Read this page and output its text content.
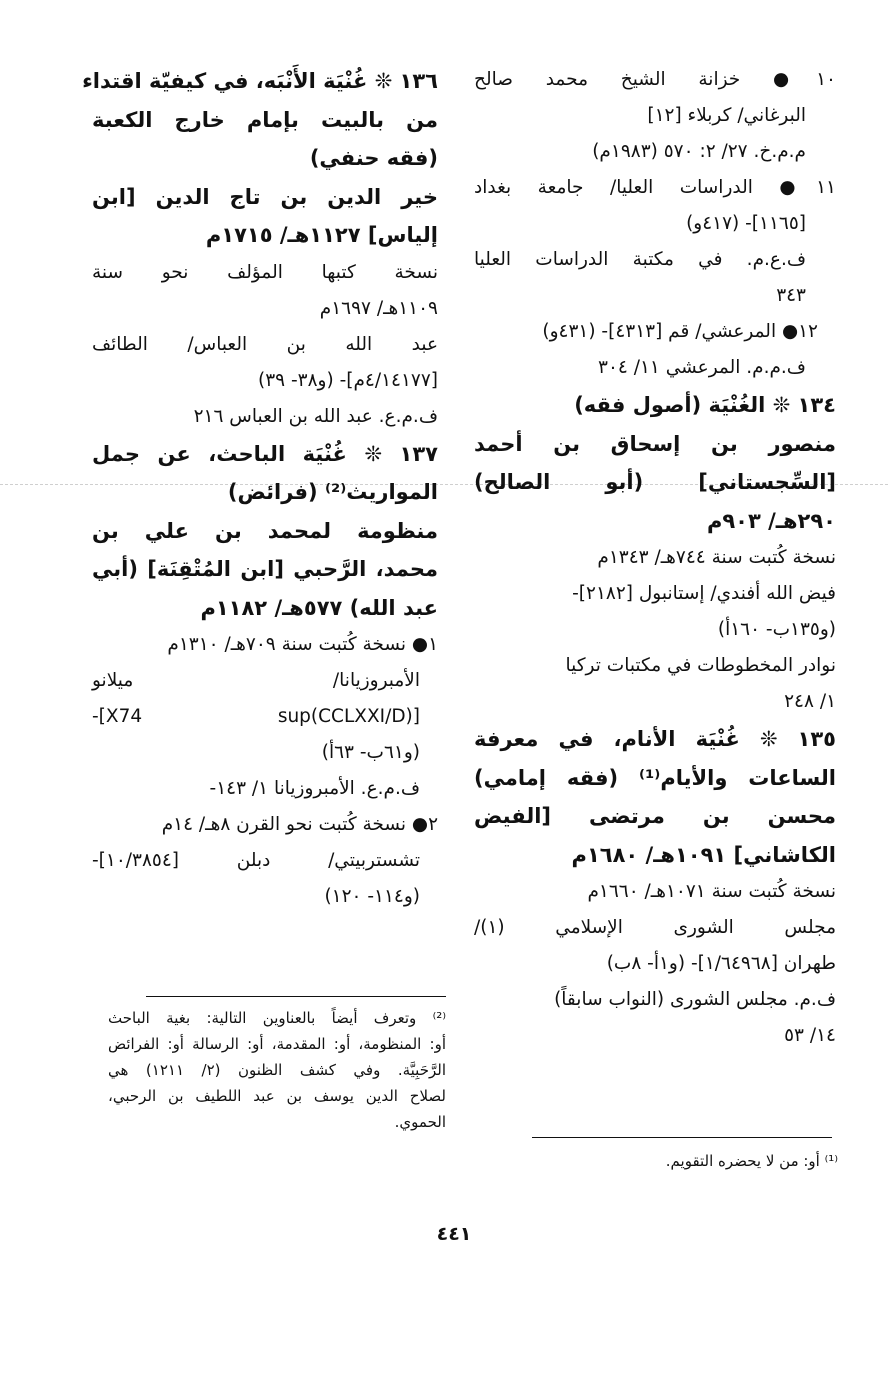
١٠● خزانة الشيخ محمد صالح
البرغاني/ كربلاء [١٢]
م.م.خ. ٢٧/ ٢: ٥٧٠ (١٩٨٣م)
١١● الدراسات العليا/ جامعة بغداد
[١١٦٥]- (٤١٧و)
ف.ع.م. في مكتبة الدراسات العليا
٣٤٣
١٢● المرعشي/ قم [٤٣١٣]- (٤٣١و)
ف.م.م. المرعشي ١١/ ٣٠٤
١٣٤ ❊ الغُنْيَة (أصول فقه)
منصور بن إسحاق بن أحمد
[السِّجستاني] (أبو الصالح)
٢٩٠هـ/ ٩٠٣م
نسخة كُتبت سنة ٧٤٤هـ/ ١٣٤٣م
فيض الله أفندي/ إستانبول [٢١٨٢]-
(و١٣٥ب- ١٦٠أ)
نوادر المخطوطات في مكتبات تركيا
١/ ٢٤٨
١٣٥ ❊ غُنْيَة الأنام، في معرفة
الساعات والأيام⁽¹⁾ (فقه إمامي)
محسن بن مرتضى [الفيض
الكاشاني] ١٠٩١هـ/ ١٦٨٠م
نسخة كُتبت سنة ١٠٧١هـ/ ١٦٦٠م
مجلس الشورى الإسلامي (١)/
طهران [١/٦٤٩٦٨]- (و١أ- ٨ب)
ف.م. مجلس الشورى (النواب سابقاً)
١٤/ ٥٣
١٣٦ ❊ غُنْيَة الأَنْبَه، في كيفيّة اقتداء
من بالبيت بإمام خارج الكعبة
(فقه حنفي)
خير الدين بن تاج الدين [ابن
إلياس] ١١٢٧هـ/ ١٧١٥م
نسخة كتبها المؤلف نحو سنة
١١٠٩هـ/ ١٦٩٧م
عبد الله بن العباس/ الطائف
[٤/١٤١٧٧م]- (و٣٨- ٣٩)
ف.م.ع. عبد الله بن العباس ٢١٦
١٣٧ ❊ غُنْيَة الباحث، عن جمل
المواريث⁽²⁾ (فرائض)
منظومة لمحمد بن علي بن
محمد، الرَّحبي [ابن المُتْقِنَة] (أبي
عبد الله) ٥٧٧هـ/ ١١٨٢م
١● نسخة كُتبت سنة ٧٠٩هـ/ ١٣١٠م
الأمبروزيانا/ ميلانو
[X74 sup(CCLXXI/D)]-
(و٦١ب- ٦٣أ)
ف.م.ع. الأمبروزيانا ١/ ١٤٣-
٢● نسخة كُتبت نحو القرن ٨هـ/ ١٤م
تشستربيتي/ دبلن [١٠/٣٨٥٤]-
(و١١٤- ١٢٠)
⁽²⁾ وتعرف أيضاً بالعناوين التالية: بغية الباحث
أو: المنظومة، أو: المقدمة، أو: الرسالة أو: الفرائض
الرَّحَبِيَّة. وفي كشف الظنون (٢/ ١٢١١) هي
لصلاح الدين يوسف بن عبد اللطيف بن الرحبي،
الحموي.
⁽¹⁾ أو: من لا يحضره التقويم.
٤٤١
